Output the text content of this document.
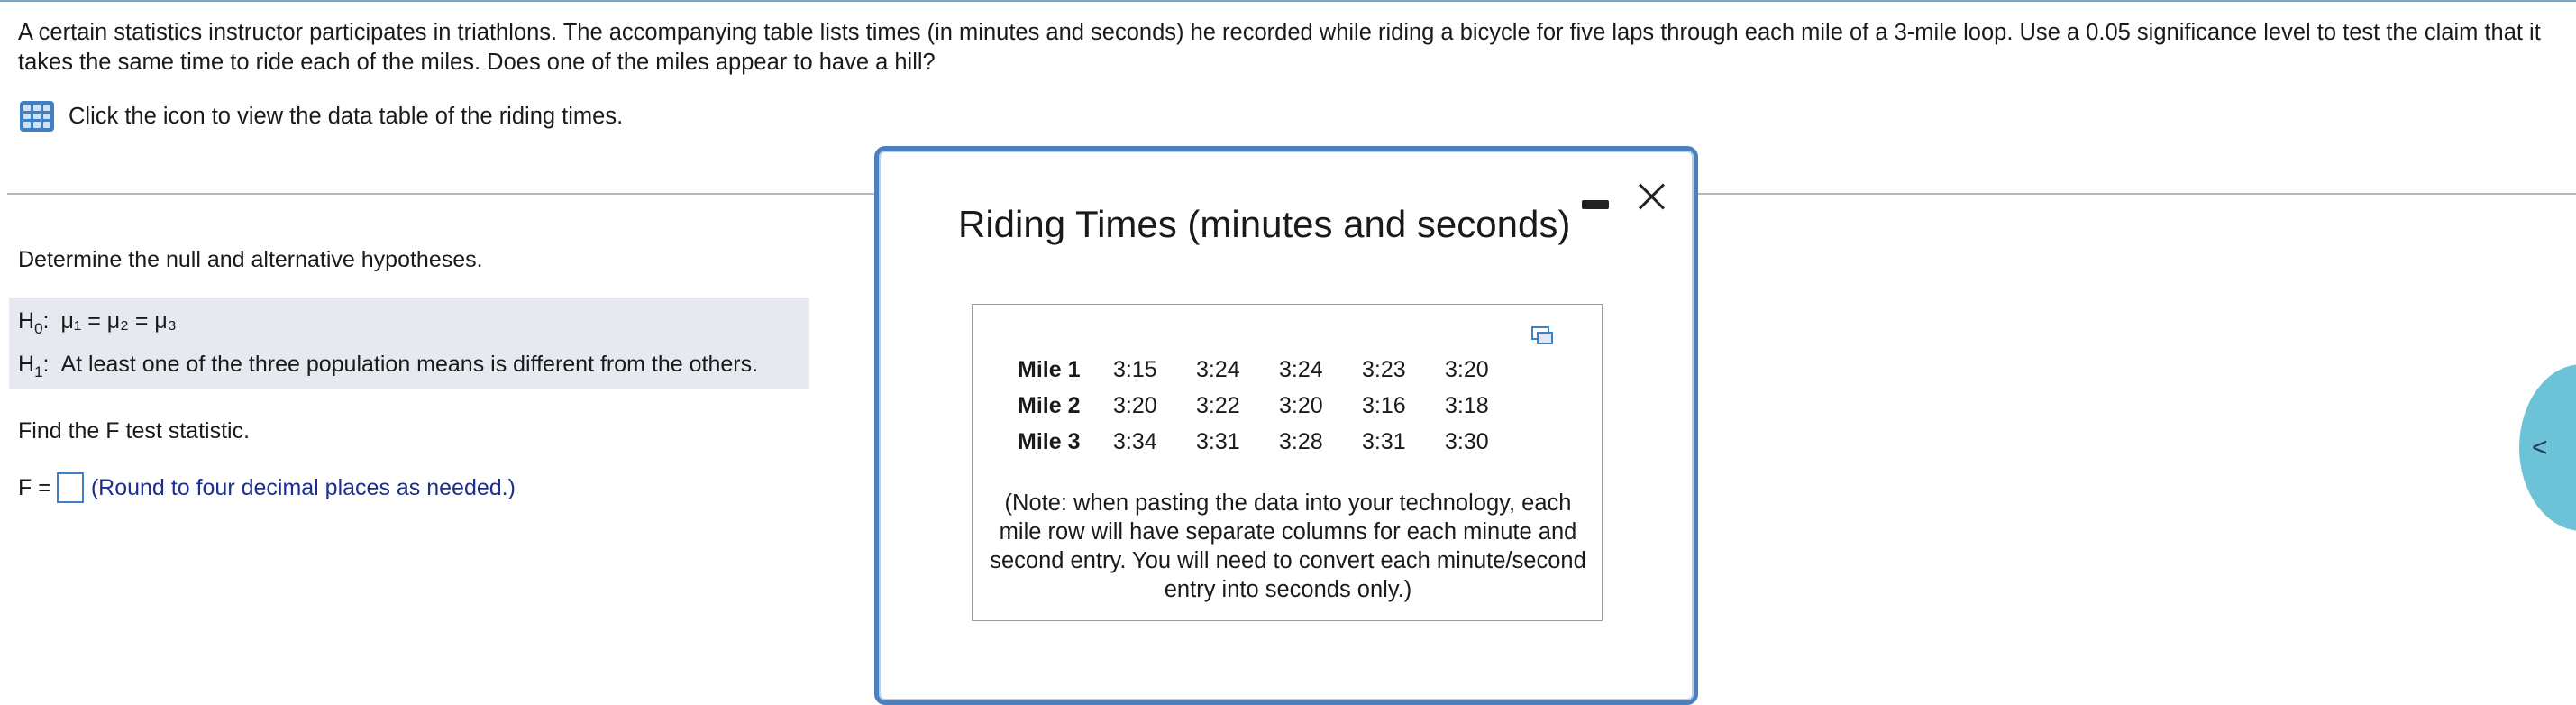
A certain statistics instructor participates in triathlons. The accompanying table lists times (in minutes and seconds) he recorded while riding a bicycle for five laps through each mile of a 3-mile loop. Use a 0.05 significance level to test the claim that it takes the same time to ride each of the miles. Does one of the miles appear to have a hill?

Click the icon to view the data table of the riding times.
Determine the null and alternative hypotheses.
$H_0$: μ₁ = μ₂ = μ₃
$H_1$: At least one of the three population means is different from the others.
Find the F test statistic.
F = (Round to four decimal places as needed.)
Riding Times (minutes and seconds)
Mile 1	3:15	3:24	3:24	3:23	3:20
Mile 2	3:20	3:22	3:20	3:16	3:18
Mile 3	3:34	3:31	3:28	3:31	3:30
(Note: when pasting the data into your technology, each mile row will have separate columns for each minute and second entry. You will need to convert each minute/second entry into seconds only.)
<
